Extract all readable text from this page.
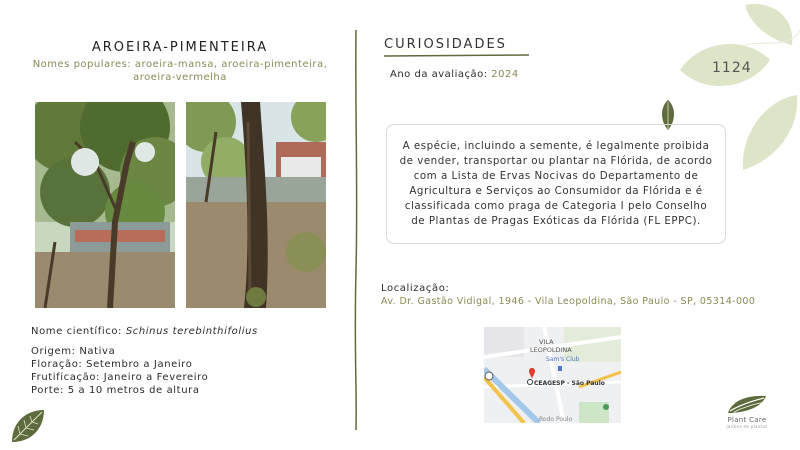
AROEIRA-PIMENTEIRA
Nomes populares: aroeira-mansa, aroeira-pimenteira, aroeira-vermelha
Nome científico: Schinus terebinthifolius
Origem: Nativa
Floração: Setembro a Janeiro
Frutificação: Janeiro a Fevereiro
Porte: 5 a 10 metros de altura
CURIOSIDADES
Ano da avaliação: 2024
A espécie, incluindo a semente, é legalmente proibida de vender, transportar ou plantar na Flórida, de acordo com a Lista de Ervas Nocivas do Departamento de Agricultura e Serviços ao Consumidor da Flórida e é classificada como praga de Categoria I pelo Conselho de Plantas de Pragas Exóticas da Flórida (FL EPPC).
1124
Localização:
Av. Dr. Gastão Vidigal, 1946 - Vila Leopoldina, São Paulo - SP, 05314-000
VILA
LEOPOLDINA
Sam's Club
CEAGESP - São Paulo
Rodo Poulo	Plant Care
jardins de plantas
